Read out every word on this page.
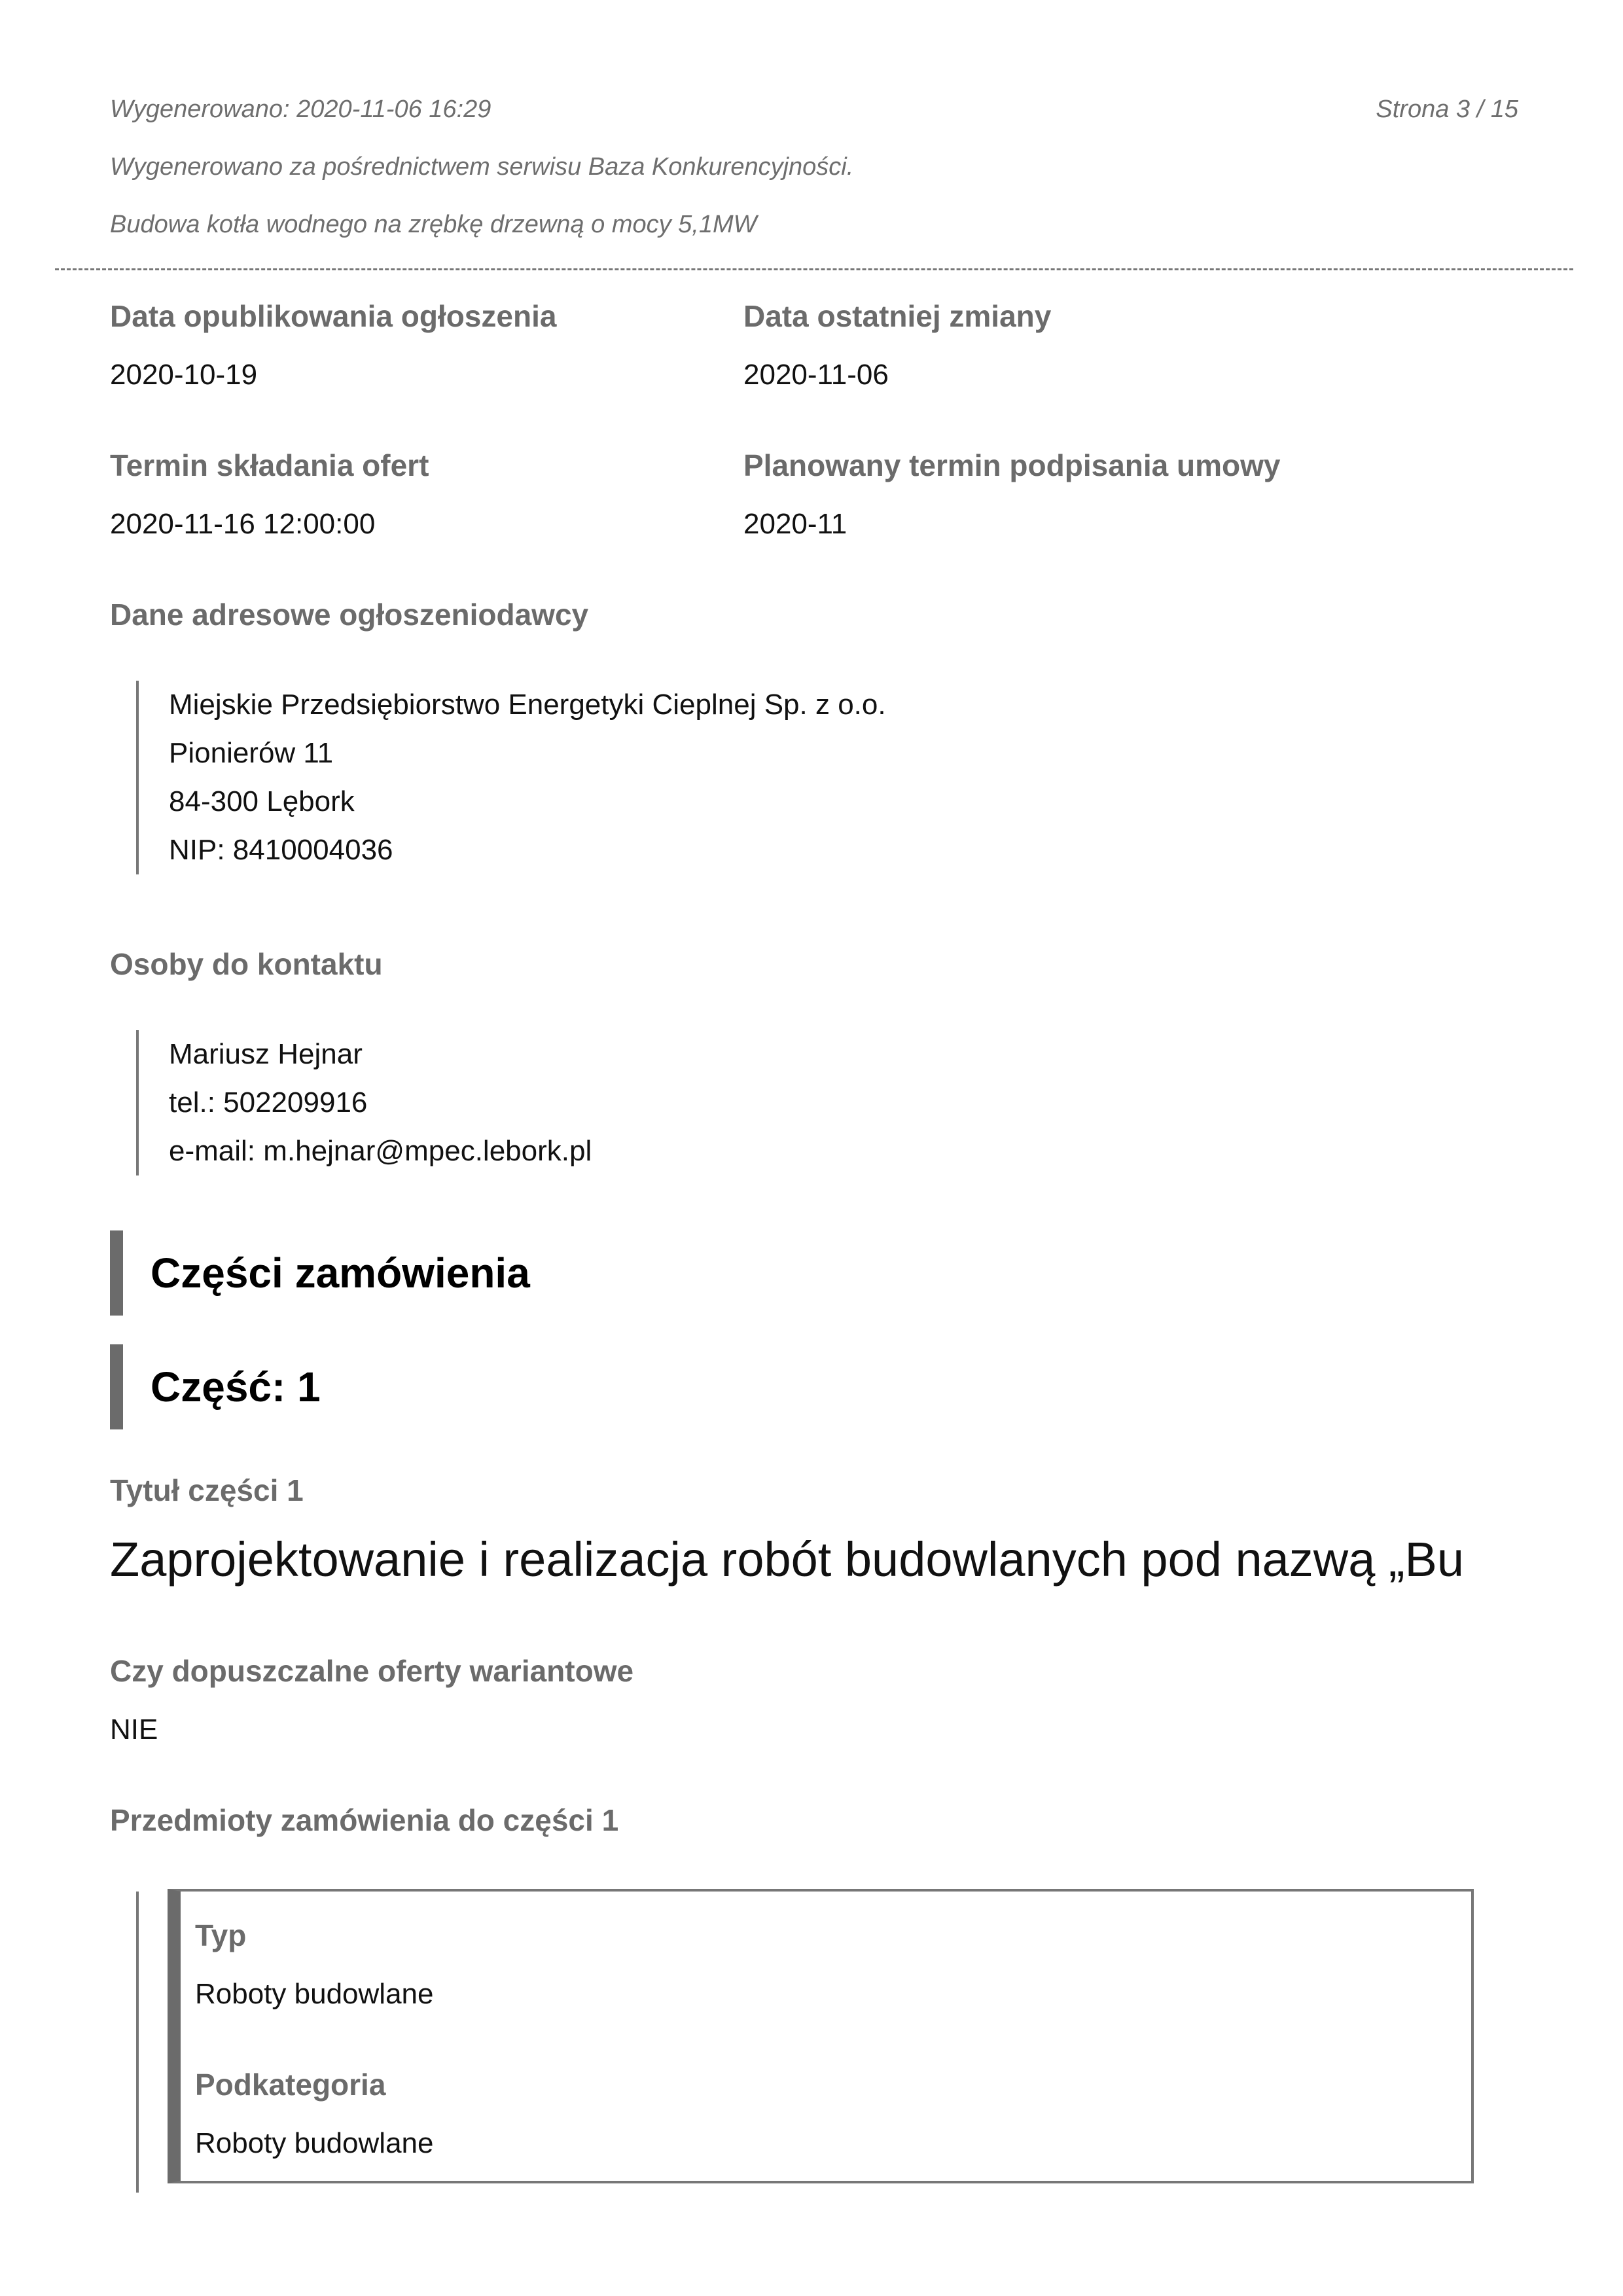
Wygenerowano: 2020-11-06 16:29	Strona 3 / 15
Wygenerowano za pośrednictwem serwisu Baza Konkurencyjności.
Budowa kotła wodnego na zrębkę drzewną o mocy 5,1MW
Data opublikowania ogłoszenia
2020-10-19
Data ostatniej zmiany
2020-11-06
Termin składania ofert
2020-11-16 12:00:00
Planowany termin podpisania umowy
2020-11
Dane adresowe ogłoszeniodawcy
Miejskie Przedsiębiorstwo Energetyki Cieplnej Sp. z o.o.
Pionierów 11
84-300 Lębork
NIP: 8410004036
Osoby do kontaktu
Mariusz Hejnar
tel.: 502209916
e-mail: m.hejnar@mpec.lebork.pl
Części zamówienia
Część: 1
Tytuł części 1
Zaprojektowanie i realizacja robót budowlanych pod nazwą „Bu
Czy dopuszczalne oferty wariantowe
NIE
Przedmioty zamówienia do części 1
Typ
Roboty budowlane
Podkategoria
Roboty budowlane
